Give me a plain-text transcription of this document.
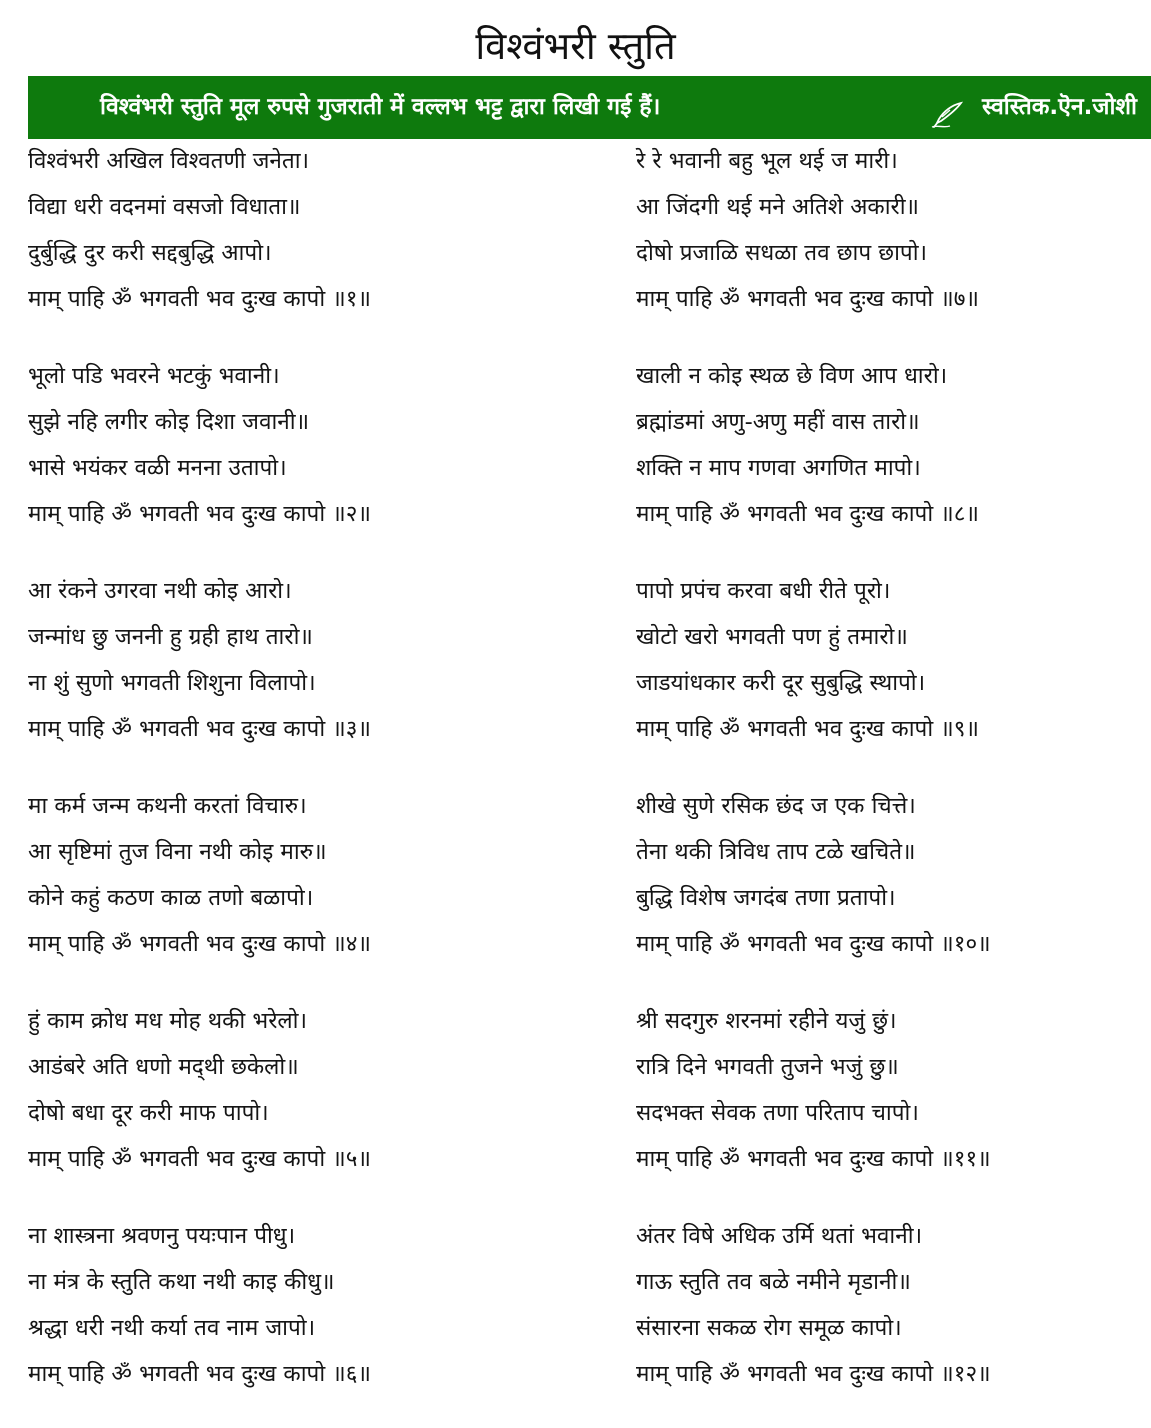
विश्वंभरी स्तुति
विश्वंभरी स्तुति मूल रुपसे गुजराती में वल्लभ भट्ट द्वारा लिखी गई हैं।	स्वस्तिक.ऎन.जोशी
विश्वंभरी अखिल विश्वतणी जनेता।
विद्या धरी वदनमां वसजो विधाता॥
दुर्बुद्धि दुर करी सद्दबुद्धि आपो।
माम् पाहि ॐ भगवती भव दुःख कापो ॥१॥
भूलो पडि भवरने भटकुं भवानी।
सुझे नहि लगीर कोइ दिशा जवानी॥
भासे भयंकर वळी मनना उतापो।
माम् पाहि ॐ भगवती भव दुःख कापो ॥२॥
आ रंकने उगरवा नथी कोइ आरो।
जन्मांध छु जननी हु ग्रही हाथ तारो॥
ना शुं सुणो भगवती शिशुना विलापो।
माम् पाहि ॐ भगवती भव दुःख कापो ॥३॥
मा कर्म जन्म कथनी करतां विचारु।
आ सृष्टिमां तुज विना नथी कोइ मारु॥
कोने कहुं कठण काळ तणो बळापो।
माम् पाहि ॐ भगवती भव दुःख कापो ॥४॥
हुं काम क्रोध मध मोह थकी भरेलो।
आडंबरे अति धणो मद्थी छकेलो॥
दोषो बधा दूर करी माफ पापो।
माम् पाहि ॐ भगवती भव दुःख कापो ॥५॥
ना शास्त्रना श्रवणनु पयःपान पीधु।
ना मंत्र के स्तुति कथा नथी काइ कीधु॥
श्रद्धा धरी नथी कर्या तव नाम जापो।
माम् पाहि ॐ भगवती भव दुःख कापो ॥६॥
रे रे भवानी बहु भूल थई ज मारी।
आ जिंदगी थई मने अतिशे अकारी॥
दोषो प्रजाळि सधळा तव छाप छापो।
माम् पाहि ॐ भगवती भव दुःख कापो ॥७॥
खाली न कोइ स्थळ छे विण आप धारो।
ब्रह्मांडमां अणु-अणु महीं वास तारो॥
शक्ति न माप गणवा अगणित मापो।
माम् पाहि ॐ भगवती भव दुःख कापो ॥८॥
पापो प्रपंच करवा बधी रीते पूरो।
खोटो खरो भगवती पण हुं तमारो॥
जाडयांधकार करी दूर सुबुद्धि स्थापो।
माम् पाहि ॐ भगवती भव दुःख कापो ॥९॥
शीखे सुणे रसिक छंद ज एक चित्ते।
तेना थकी त्रिविध ताप टळे खचिते॥
बुद्धि विशेष जगदंब तणा प्रतापो।
माम् पाहि ॐ भगवती भव दुःख कापो ॥१०॥
श्री सदगुरु शरनमां रहीने यजुं छुं।
रात्रि दिने भगवती तुजने भजुं छु॥
सदभक्त सेवक तणा परिताप चापो।
माम् पाहि ॐ भगवती भव दुःख कापो ॥११॥
अंतर विषे अधिक उर्मि थतां भवानी।
गाऊ स्तुति तव बळे नमीने मृडानी॥
संसारना सकळ रोग समूळ कापो।
माम् पाहि ॐ भगवती भव दुःख कापो ॥१२॥
